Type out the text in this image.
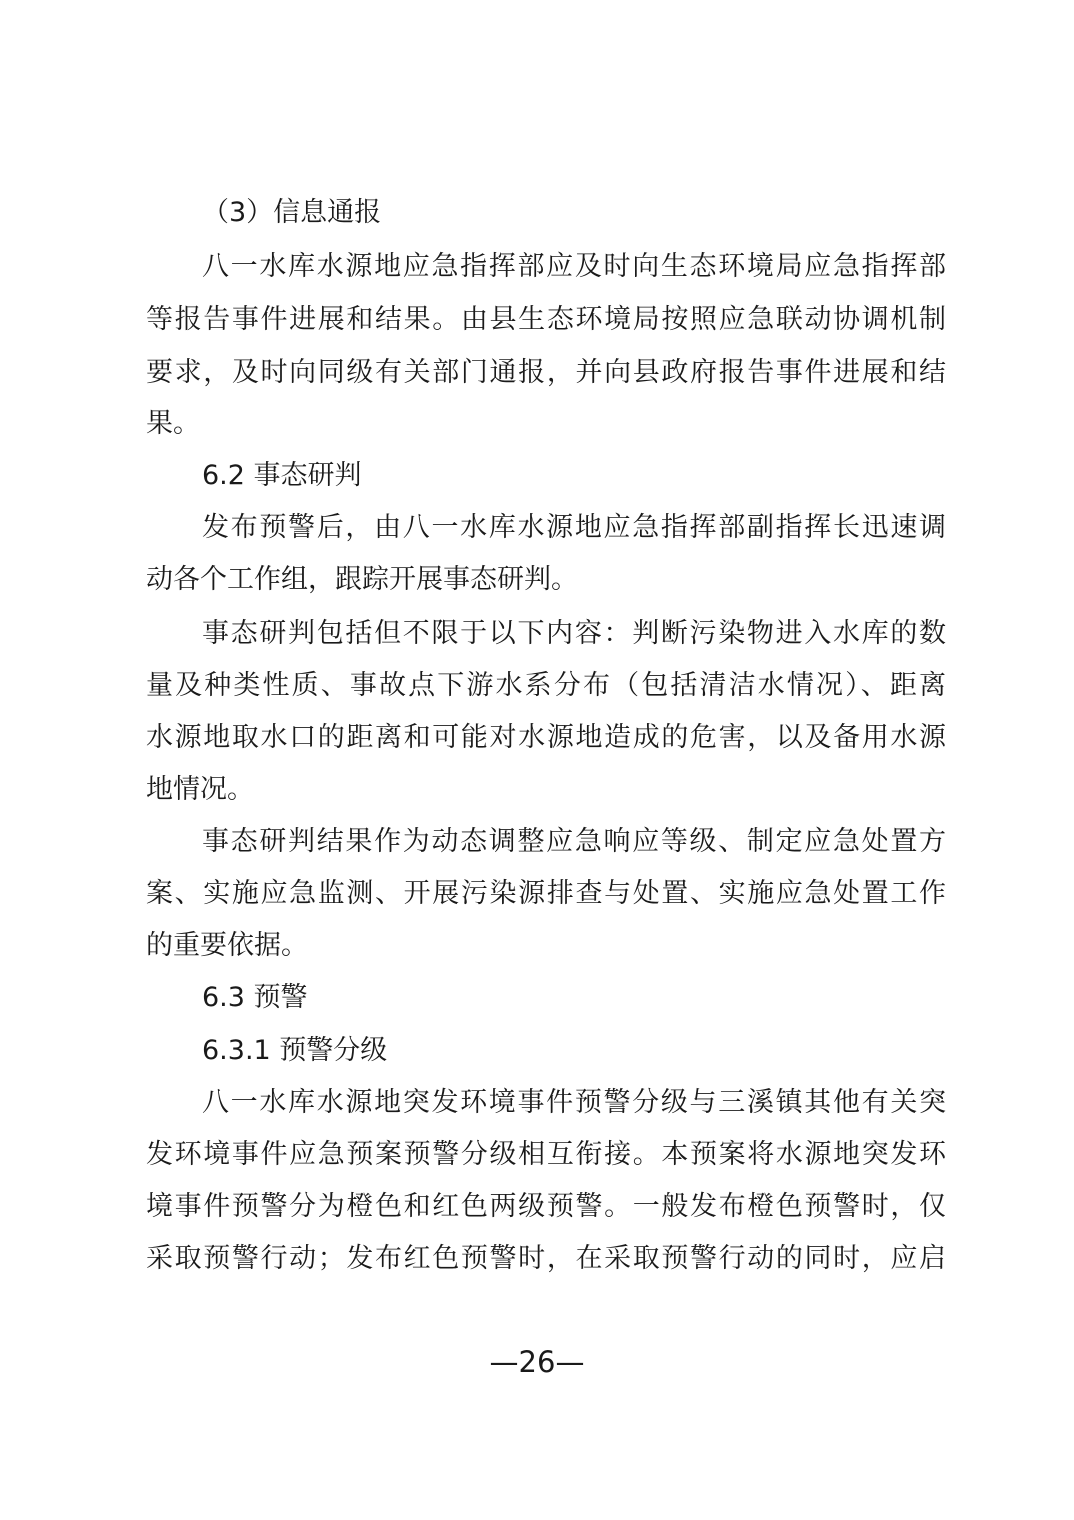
（3）信息通报
八一水库水源地应急指挥部应及时向生态环境局应急指挥部
等报告事件进展和结果。由县生态环境局按照应急联动协调机制
要求，及时向同级有关部门通报，并向县政府报告事件进展和结
果。
6.2 事态研判
发布预警后，由八一水库水源地应急指挥部副指挥长迅速调
动各个工作组，跟踪开展事态研判。
事态研判包括但不限于以下内容：判断污染物进入水库的数
量及种类性质、事故点下游水系分布（包括清洁水情况）、距离
水源地取水口的距离和可能对水源地造成的危害，以及备用水源
地情况。
事态研判结果作为动态调整应急响应等级、制定应急处置方
案、实施应急监测、开展污染源排查与处置、实施应急处置工作
的重要依据。
6.3 预警
6.3.1 预警分级
八一水库水源地突发环境事件预警分级与三溪镇其他有关突
发环境事件应急预案预警分级相互衔接。本预案将水源地突发环
境事件预警分为橙色和红色两级预警。一般发布橙色预警时，仅
采取预警行动；发布红色预警时，在采取预警行动的同时，应启
—26—
